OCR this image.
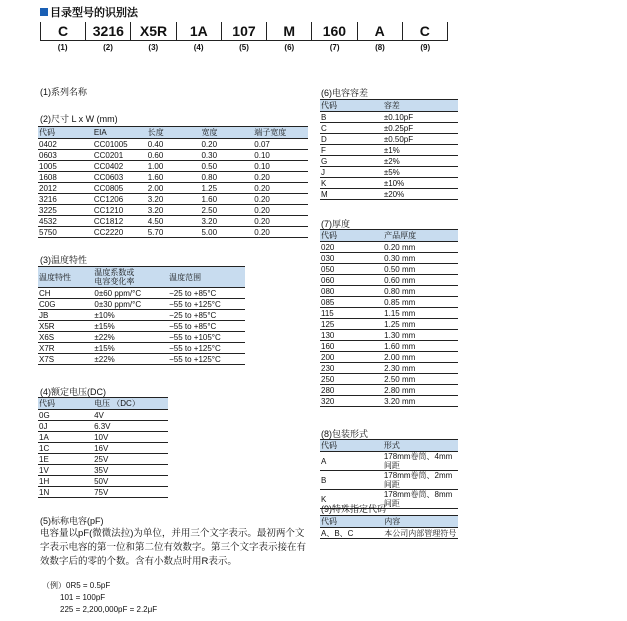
目录型号的识别法
C	3216	X5R	1A	107	M	160	A	C
(1)	(2)	(3)	(4)	(5)	(6)	(7)	(8)	(9)
(1)系列名称
(2)尺寸 L x W (mm)
代码	EIA	长度	宽度	端子宽度
0402	CC01005	0.40	0.20	0.07
0603	CC0201	0.60	0.30	0.10
1005	CC0402	1.00	0.50	0.10
1608	CC0603	1.60	0.80	0.20
2012	CC0805	2.00	1.25	0.20
3216	CC1206	3.20	1.60	0.20
3225	CC1210	3.20	2.50	0.20
4532	CC1812	4.50	3.20	0.20
5750	CC2220	5.70	5.00	0.20
(3)温度特性
温度特性	温度系数或
电容变化率	温度范围
CH	0±60 ppm/°C	−25 to +85°C
C0G	0±30 ppm/°C	−55 to +125°C
JB	±10%	−25 to +85°C
X5R	±15%	−55 to +85°C
X6S	±22%	−55 to +105°C
X7R	±15%	−55 to +125°C
X7S	±22%	−55 to +125°C
(4)额定电压(DC)
代码	电压 （DC）
0G	4V
0J	6.3V
1A	10V
1C	16V
1E	25V
1V	35V
1H	50V
1N	75V
(5)标称电容(pF)
电容量以pF(微微法拉)为单位，并用三个文字表示。最初两个文字表示电容的第一位和第二位有效数字。第三个文字表示接在有效数字后的零的个数。含有小数点时用R表示。
（例）0R5 = 0.5pF
101 = 100pF
225 = 2,200,000pF = 2.2μF
(6)电容容差
代码	容差
B	±0.10pF
C	±0.25pF
D	±0.50pF
F	±1%
G	±2%
J	±5%
K	±10%
M	±20%
(7)厚度
代码	产品厚度
020	0.20 mm
030	0.30 mm
050	0.50 mm
060	0.60 mm
080	0.80 mm
085	0.85 mm
115	1.15 mm
125	1.25 mm
130	1.30 mm
160	1.60 mm
200	2.00 mm
230	2.30 mm
250	2.50 mm
280	2.80 mm
320	3.20 mm
(8)包装形式
代码	形式
A	178mm卷筒、4mm间距
B	178mm卷筒、2mm间距
K	178mm卷筒、8mm间距
(9)特殊指定代码
代码	内容
A、B、C	本公司内部管理符号
